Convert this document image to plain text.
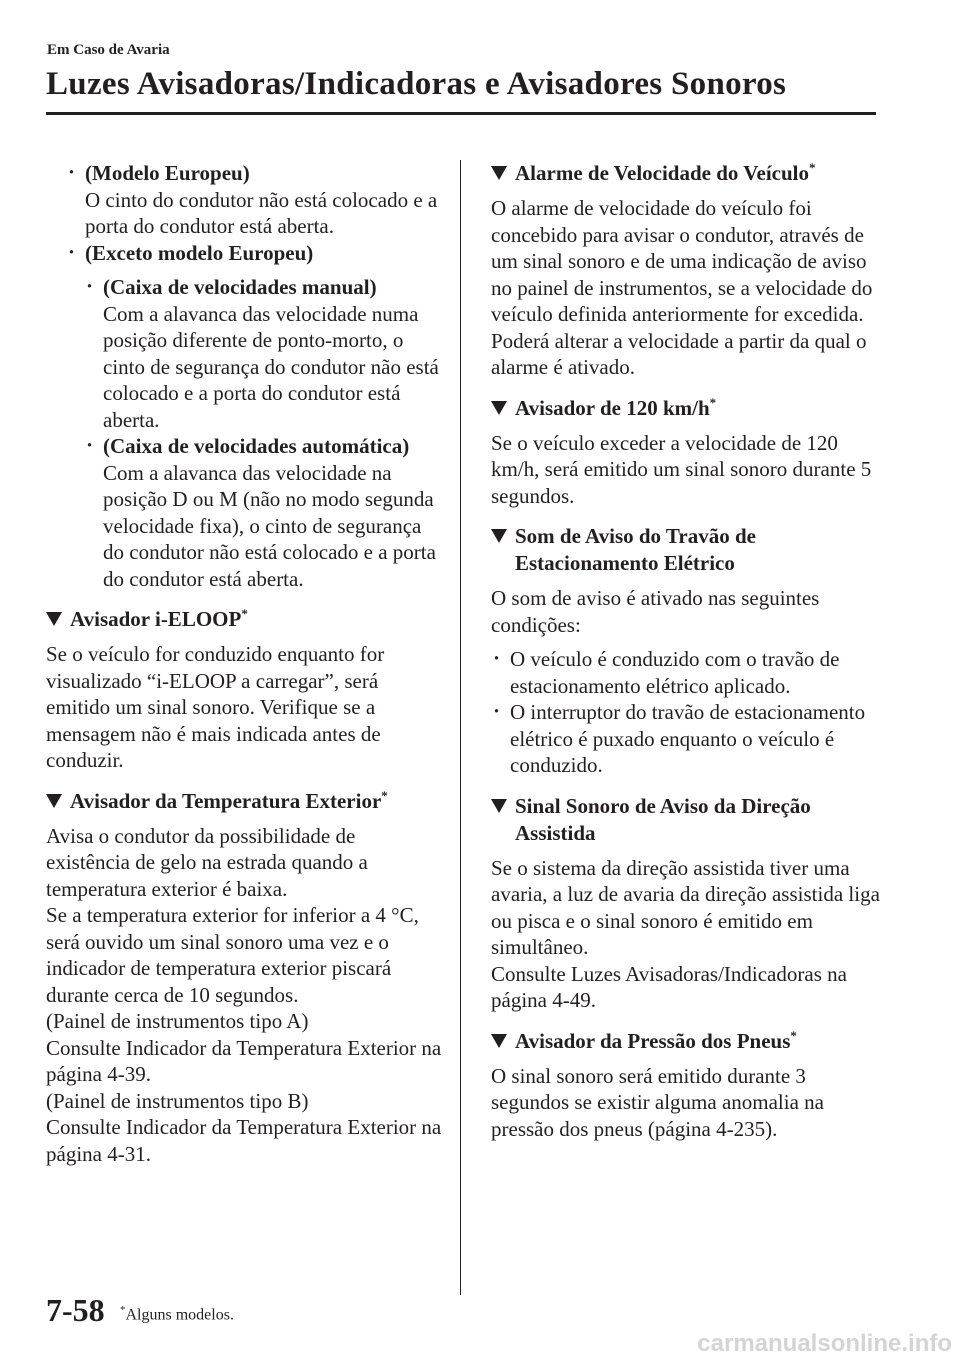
Em Caso de Avaria
Luzes Avisadoras/Indicadoras e Avisadores Sonoros
· (Modelo Europeu)

O cinto do condutor não está colocado e a porta do condutor está aberta.

· (Exceto modelo Europeu)
· (Caixa de velocidades manual)

Com a alavanca das velocidade numa posição diferente de ponto-morto, o cinto de segurança do condutor não está colocado e a porta do condutor está aberta.

· (Caixa de velocidades automática)

Com a alavanca das velocidade na posição D ou M (não no modo segunda velocidade fixa), o cinto de segurança do condutor não está colocado e a porta do condutor está aberta.

Avisador i-ELOOP*

Se o veículo for conduzido enquanto for visualizado “i-ELOOP a carregar”, será emitido um sinal sonoro. Verifique se a mensagem não é mais indicada antes de conduzir.

Avisador da Temperatura Exterior*

Avisa o condutor da possibilidade de existência de gelo na estrada quando a temperatura exterior é baixa.

Se a temperatura exterior for inferior a 4 °C, será ouvido um sinal sonoro uma vez e o indicador de temperatura exterior piscará durante cerca de 10 segundos.

(Painel de instrumentos tipo A)

Consulte Indicador da Temperatura Exterior na página 4-39.

(Painel de instrumentos tipo B)

Consulte Indicador da Temperatura Exterior na página 4-31.

Alarme de Velocidade do Veículo*

O alarme de velocidade do veículo foi concebido para avisar o condutor, através de um sinal sonoro e de uma indicação de aviso no painel de instrumentos, se a velocidade do veículo definida anteriormente for excedida.

Poderá alterar a velocidade a partir da qual o alarme é ativado.

Avisador de 120 km/h*

Se o veículo exceder a velocidade de 120 km/h, será emitido um sinal sonoro durante 5 segundos.

Som de Aviso do Travão de Estacionamento Elétrico

O som de aviso é ativado nas seguintes condições:

· O veículo é conduzido com o travão de estacionamento elétrico aplicado.

· O interruptor do travão de estacionamento elétrico é puxado enquanto o veículo é conduzido.

Sinal Sonoro de Aviso da Direção Assistida

Se o sistema da direção assistida tiver uma avaria, a luz de avaria da direção assistida liga ou pisca e o sinal sonoro é emitido em simultâneo.

Consulte Luzes Avisadoras/Indicadoras na página 4-49.

Avisador da Pressão dos Pneus*

O sinal sonoro será emitido durante 3 segundos se existir alguma anomalia na pressão dos pneus (página 4-235).

7-58 *Alguns modelos.
carmanualsonline.info
